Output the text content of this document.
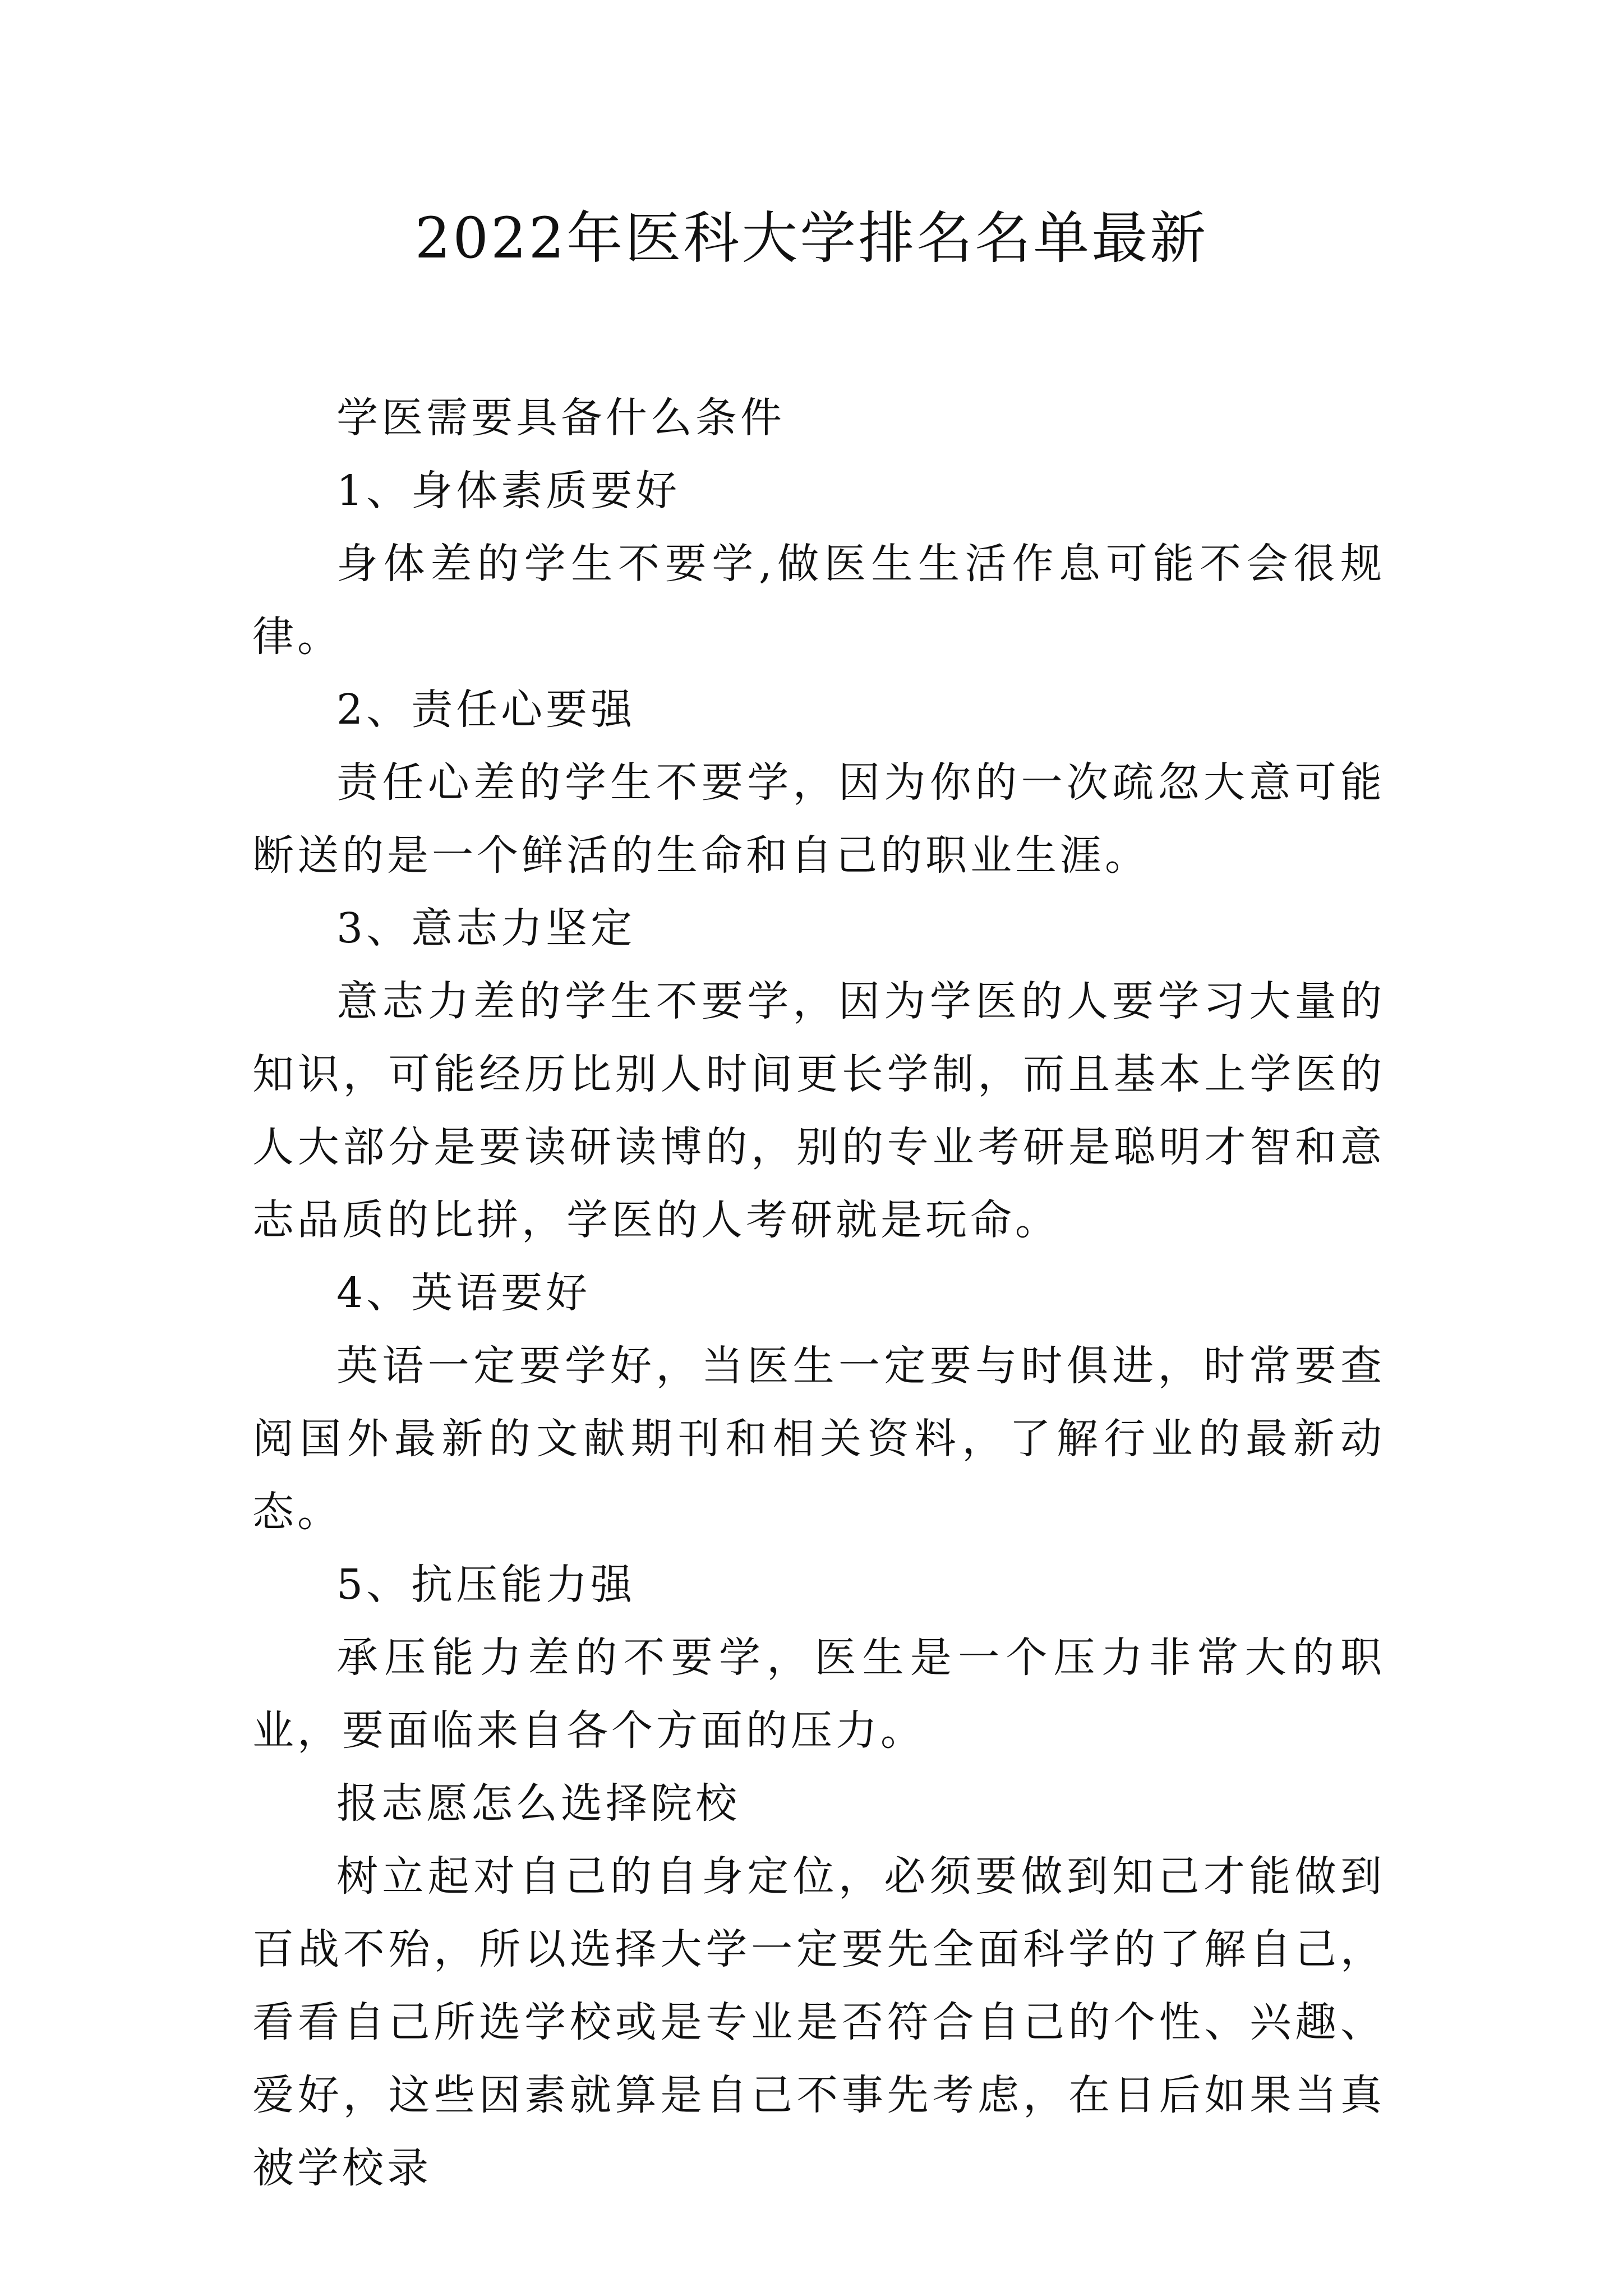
2022年医科大学排名名单最新

学医需要具备什么条件

1、身体素质要好

身体差的学生不要学,做医生生活作息可能不会很规律。

2、责任心要强

责任心差的学生不要学，因为你的一次疏忽大意可能断送的是一个鲜活的生命和自己的职业生涯。

3、意志力坚定

意志力差的学生不要学，因为学医的人要学习大量的知识，可能经历比别人时间更长学制，而且基本上学医的人大部分是要读研读博的，别的专业考研是聪明才智和意志品质的比拼，学医的人考研就是玩命。

4、英语要好

英语一定要学好，当医生一定要与时俱进，时常要查阅国外最新的文献期刊和相关资料，了解行业的最新动态。

5、抗压能力强

承压能力差的不要学，医生是一个压力非常大的职业，要面临来自各个方面的压力。

报志愿怎么选择院校

树立起对自己的自身定位，必须要做到知己才能做到百战不殆，所以选择大学一定要先全面科学的了解自己，看看自己所选学校或是专业是否符合自己的个性、兴趣、爱好，这些因素就算是自己不事先考虑，在日后如果当真被学校录
